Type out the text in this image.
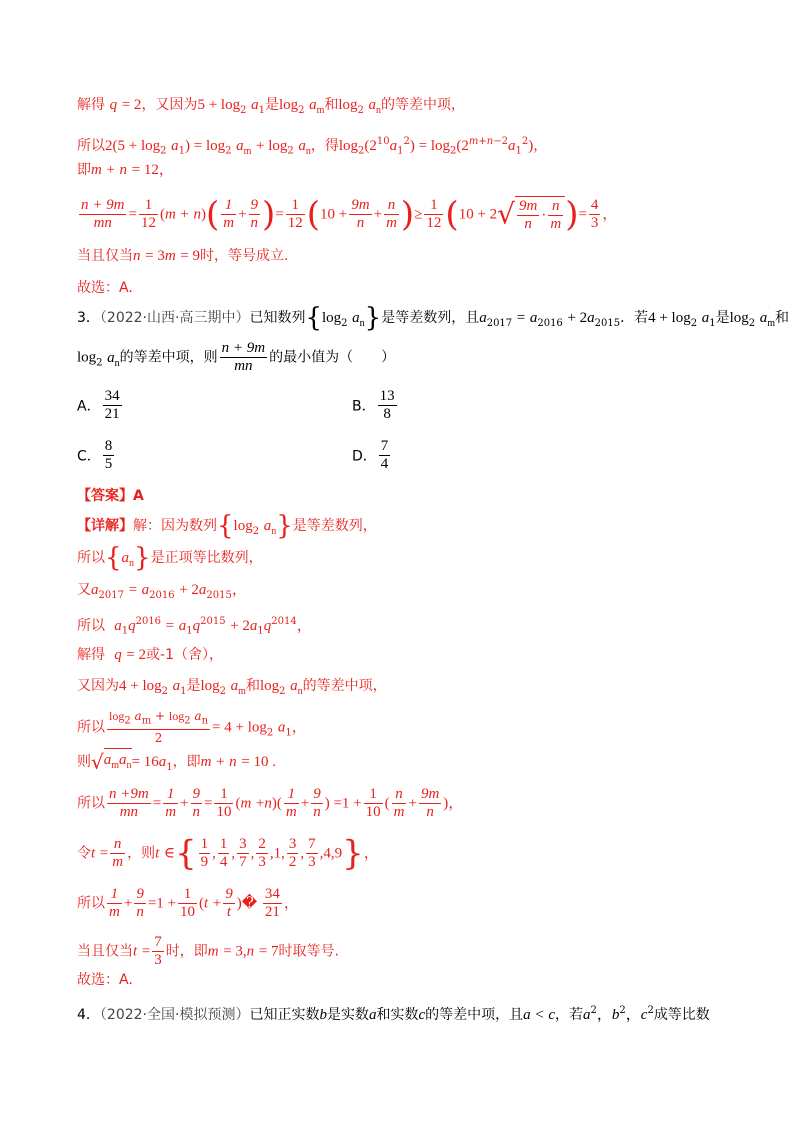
解得 q = 2，又因为$5 + \log_2 a_1$是$\log_2 a_m$和$\log_2 a_n$的等差中项，
所以$2(5 + \log_2 a_1) = \log_2 a_m + \log_2 a_n$，得$\log_2(2^{10}a_1^2) = \log_2(2^{m+n-2}a_1^2)$，
即m + n = 12，
$\frac{n + 9m}{mn} = \frac{1}{12} (m + n)( \frac{1}{m} + \frac{9}{n}$ )= $\frac{1}{12} (10 + \frac{9m}{n} + \frac{n}{m}$ )≥ $\frac{1}{12} (10 + 2√ \frac{9m}{n} \cdot \frac{n}{m}$ )= $\frac{4}{3}$ ，
当且仅当n = 3m = 9时，等号成立.
故选：A.
3．（2022·山西·高三期中）已知数列{$\log_2$ $a_n$}是等差数列，且$a_{2017} = a_{2016} + 2a_{2015}$．若$4 + \log_2 a_1$是$\log_2 a_m$和
$\log_2 a_n$的等差中项，则 $\frac{n + 9m}{mn}$ 的最小值为（　　）
A． $\frac{34}{21}$	B． $\frac{13}{8}$
C． $\frac{8}{5}$	D． $\frac{7}{4}$
【答案】A
【详解】解：因为数列{$\log_2$ $a_n$}是等差数列，
所以$\{a_n\}$是正项等比数列，
又$a_{2017} = a_{2016} + 2a_{2015}$，
所以 $a_1q^{2016} = a_1q^{2015} + 2a_1q^{2014}$，
解得 q = 2或-1（舍），
又因为$4 + \log_2 a_1$是$\log_2 a_m$和$\log_2 a_n$的等差中项，
所以 $\frac{\log_2 a_m + \log_2 a_n}{2} = 4 + \log_2 a_1$，
则$√a_ma_n= 16a_1$，即m + n = 10 .
所以 $\frac{n +9m}{mn} = \frac{1}{m} + \frac{9}{n} = \frac{1}{10} (m +n)( \frac{1}{m} + \frac{9}{n}$ ) $=1 + \frac{1}{10}$ ( $\frac{n}{m} + \frac{9m}{n}$ )，
令$t = \frac{n}{m}$ ，则t ∈{ $\frac{1}{9}$ , $\frac{1}{4}$ , $\frac{3}{7}$ , $\frac{2}{3} ,1$, $\frac{3}{2}$ , $\frac{7}{3} ,4,9$}，
所以 $\frac{1}{m} + \frac{9}{n} =1 + \frac{1}{10} (t + \frac{9}{t}$ )� $\frac{34}{21}$ ，
当且仅当$t = \frac{7}{3}$ 时，即m = 3,n = 7时取等号.
故选：A.
4．（2022·全国·模拟预测）已知正实数b是实数a和实数c的等差中项，且a < c，若$a^2$，$b^2$，$c^2$成等比数
